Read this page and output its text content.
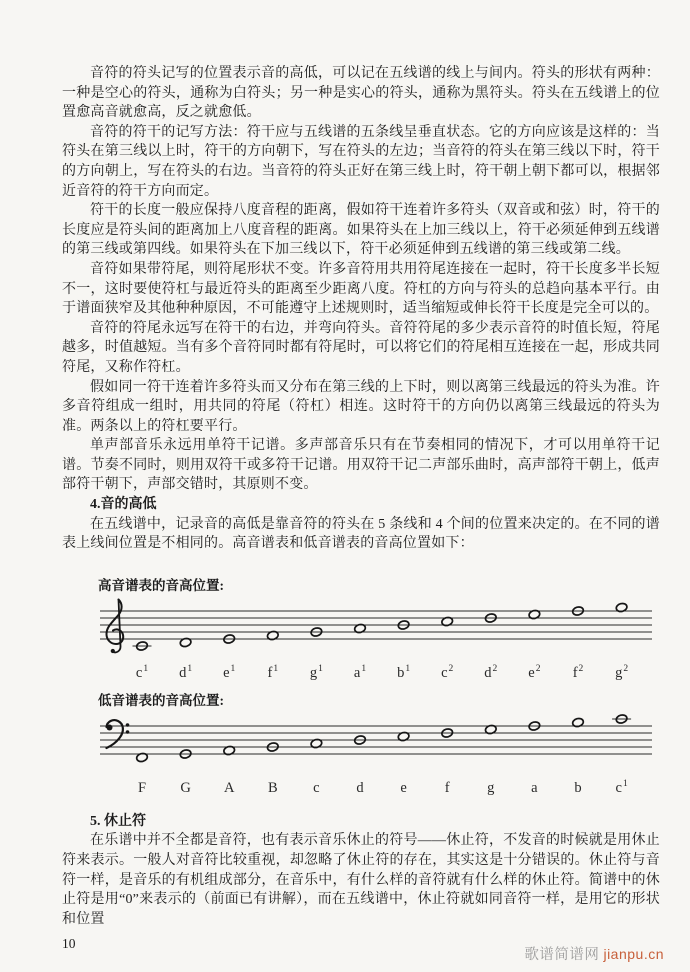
音符的符头记写的位置表示音的高低，可以记在五线谱的线上与间内。符头的形状有两种：一种是空心的符头，通称为白符头；另一种是实心的符头，通称为黑符头。符头在五线谱上的位置愈高音就愈高，反之就愈低。

音符的符干的记写方法：符干应与五线谱的五条线呈垂直状态。它的方向应该是这样的：当符头在第三线以上时，符干的方向朝下，写在符头的左边；当音符的符头在第三线以下时，符干的方向朝上，写在符头的右边。当音符的符头正好在第三线上时，符干朝上朝下都可以，根据邻近音符的符干方向而定。

符干的长度一般应保持八度音程的距离，假如符干连着许多符头（双音或和弦）时，符干的长度应是符头间的距离加上八度音程的距离。如果符头在上加三线以上，符干必须延伸到五线谱的第三线或第四线。如果符头在下加三线以下，符干必须延伸到五线谱的第三线或第二线。

音符如果带符尾，则符尾形状不变。许多音符用共用符尾连接在一起时，符干长度多半长短不一，这时要使符杠与最近符头的距离至少距离八度。符杠的方向与符头的总趋向基本平行。由于谱面狭窄及其他种种原因，不可能遵守上述规则时，适当缩短或伸长符干长度是完全可以的。

音符的符尾永远写在符干的右边，并弯向符头。音符符尾的多少表示音符的时值长短，符尾越多，时值越短。当有多个音符同时都有符尾时，可以将它们的符尾相互连接在一起，形成共同符尾，又称作符杠。

假如同一符干连着许多符头而又分布在第三线的上下时，则以离第三线最远的符头为准。许多音符组成一组时，用共同的符尾（符杠）相连。这时符干的方向仍以离第三线最远的符头为准。两条以上的符杠要平行。

单声部音乐永远用单符干记谱。多声部音乐只有在节奏相同的情况下，才可以用单符干记谱。节奏不同时，则用双符干或多符干记谱。用双符干记二声部乐曲时，高声部符干朝上，低声部符干朝下，声部交错时，其原则不变。

4.音的高低

在五线谱中，记录音的高低是靠音符的符头在 5 条线和 4 个间的位置来决定的。在不同的谱表上线间位置是不相同的。高音谱表和低音谱表的音高位置如下：

高音谱表的音高位置:
$c^1$ $d^1$ $e^1$ $f^1$ $g^1$ $a^1$ $b^1$ $c^2$ $d^2$ $e^2$ $f^2$ $g^2$
低音谱表的音高位置:
F G A B c	d	e	f	g	a	b $c^1$

5. 休止符

在乐谱中并不全都是音符，也有表示音乐休止的符号——休止符，不发音的时候就是用休止符来表示。一般人对音符比较重视，却忽略了休止符的存在，其实这是十分错误的。休止符与音符一样，是音乐的有机组成部分，在音乐中，有什么样的音符就有什么样的休止符。简谱中的休止符是用“0”来表示的（前面已有讲解），而在五线谱中，休止符就如同音符一样，是用它的形状和位置

10
歌谱简谱网 jianpu.cn
